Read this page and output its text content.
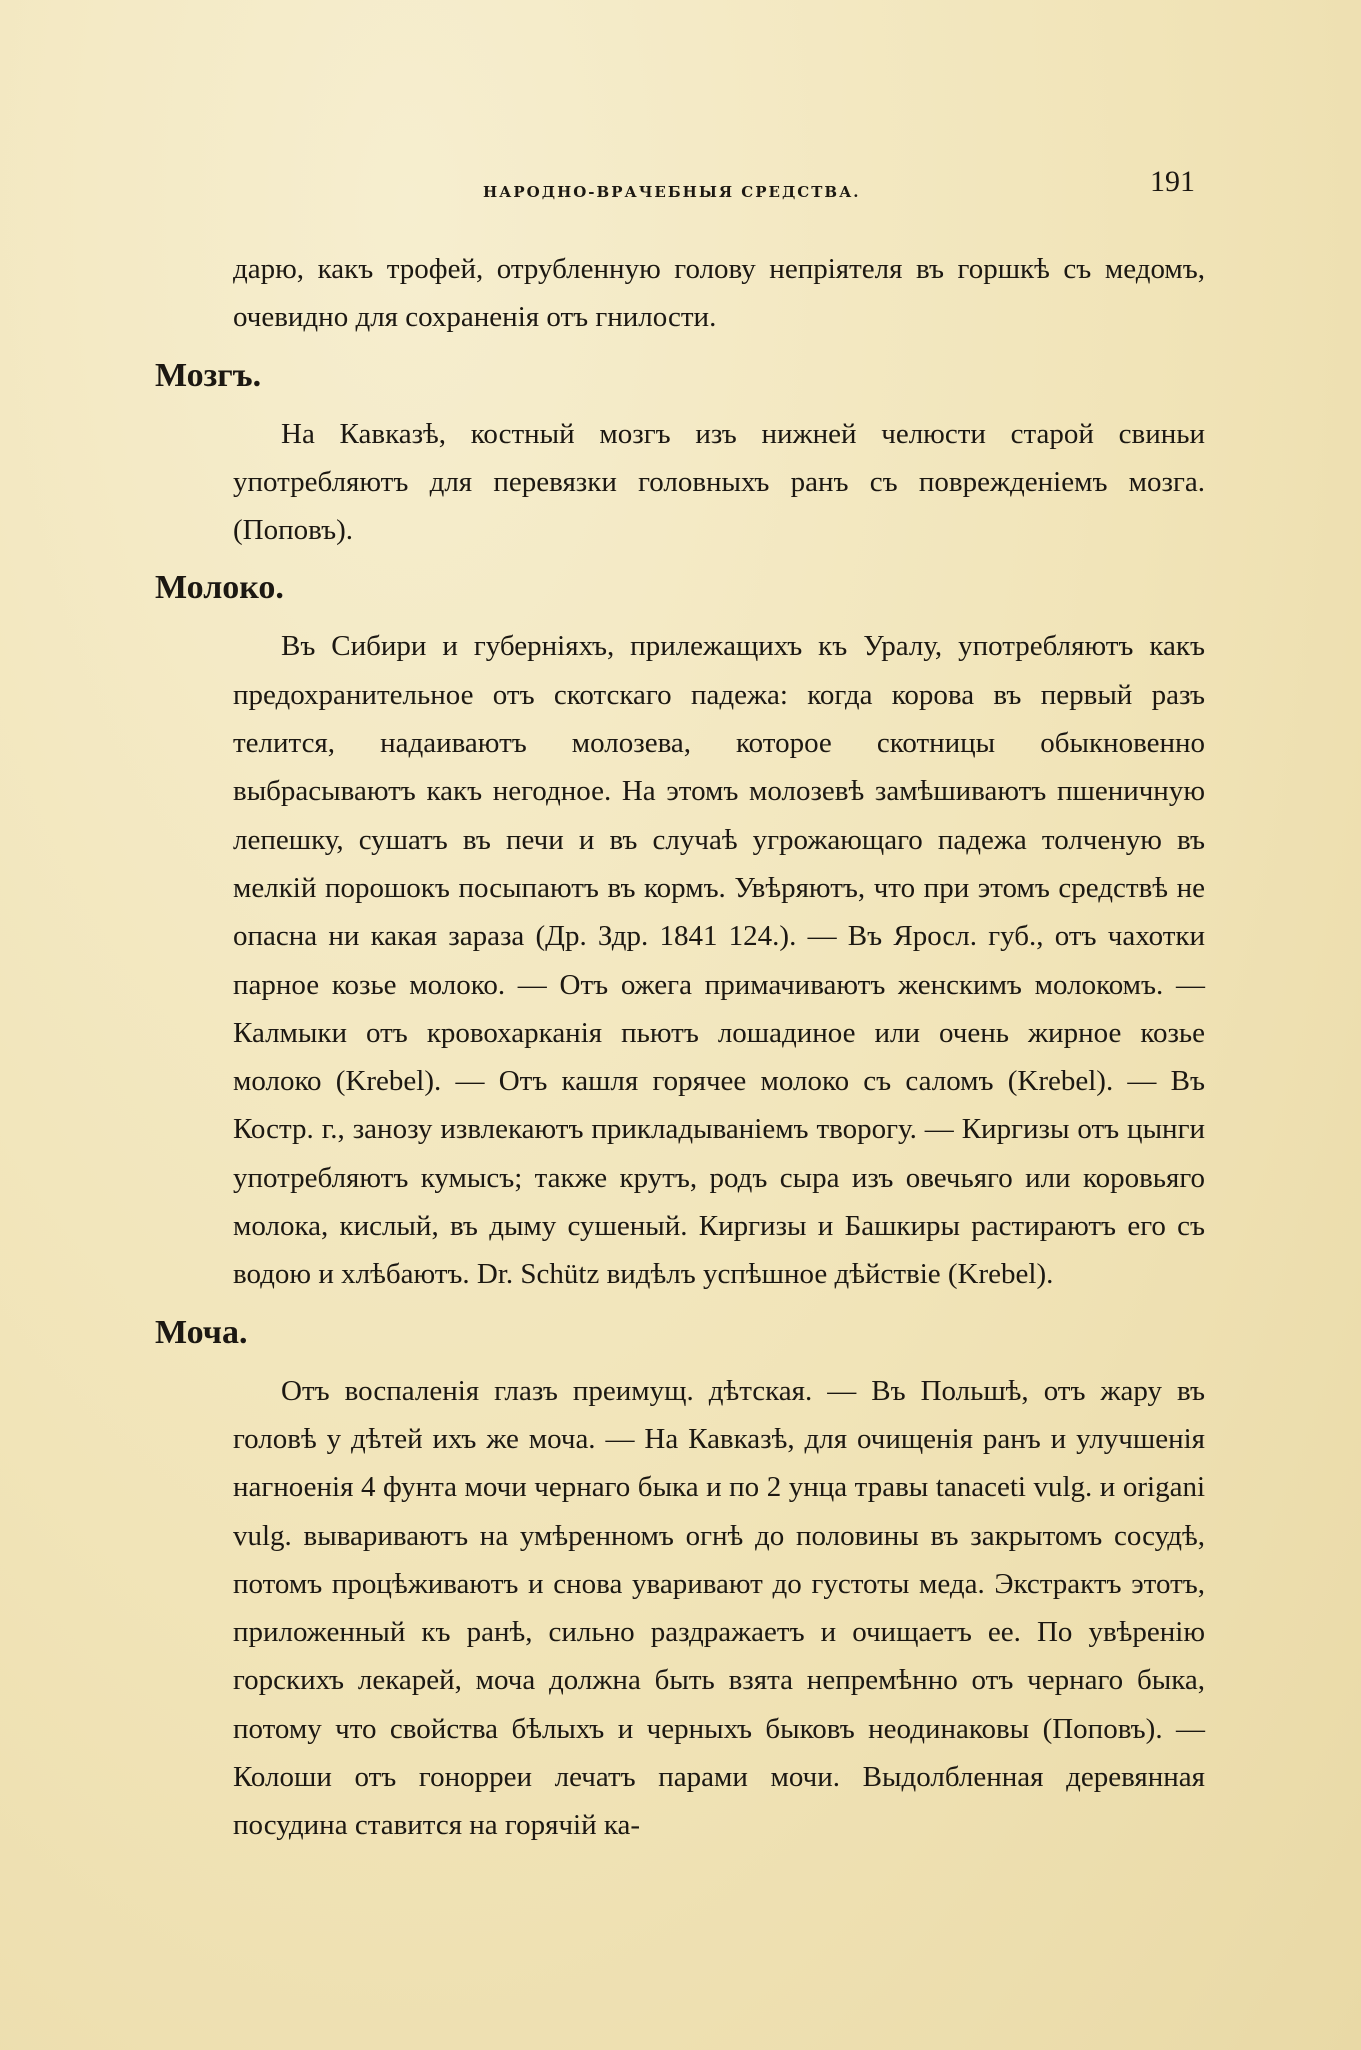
НАРОДНО-ВРАЧЕБНЫЯ СРЕДСТВА.	191

дарю, какъ трофей, отрубленную голову непріятеля въ горшкѣ съ медомъ, очевидно для сохраненія отъ гнилости.

Мозгъ.

На Кавказѣ, костный мозгъ изъ нижней челюсти старой свиньи употребляютъ для перевязки головныхъ ранъ съ поврежденіемъ мозга. (Поповъ).

Молоко.

Въ Сибири и губерніяхъ, прилежащихъ къ Уралу, употребляютъ какъ предохранительное отъ скотскаго падежа: когда корова въ первый разъ телится, надаиваютъ молозева, которое скотницы обыкновенно выбрасываютъ какъ негодное. На этомъ молозевѣ замѣшиваютъ пшеничную лепешку, сушатъ въ печи и въ случаѣ угрожающаго падежа толченую въ мелкій порошокъ посыпаютъ въ кормъ. Увѣряютъ, что при этомъ средствѣ не опасна ни какая зараза (Др. Здр. 1841 124.). — Въ Яросл. губ., отъ чахотки парное козье молоко. — Отъ ожега примачиваютъ женскимъ молокомъ. — Калмыки отъ кровохарканія пьютъ лошадиное или очень жирное козье молоко (Krebel). — Отъ кашля горячее молоко съ саломъ (Krebel). — Въ Костр. г., занозу извлекаютъ прикладываніемъ творогу. — Киргизы отъ цынги употребляютъ кумысъ; также крутъ, родъ сыра изъ овечьяго или коровьяго молока, кислый, въ дыму сушеный. Киргизы и Башкиры растираютъ его съ водою и хлѣбаютъ. Dr. Schütz видѣлъ успѣшное дѣйствіе (Krebel).

Моча.

Отъ воспаленія глазъ преимущ. дѣтская. — Въ Польшѣ, отъ жару въ головѣ у дѣтей ихъ же моча. — На Кавказѣ, для очищенія ранъ и улучшенія нагноенія 4 фунта мочи чернаго быка и по 2 унца травы tanaceti vulg. и origani vulg. вывариваютъ на умѣренномъ огнѣ до половины въ закрытомъ сосудѣ, потомъ процѣживаютъ и снова уваривают до густоты меда. Экстрактъ этотъ, приложенный къ ранѣ, сильно раздражаетъ и очищаетъ ее. По увѣренію горскихъ лекарей, моча должна быть взята непремѣнно отъ чернаго быка, потому что свойства бѣлыхъ и черныхъ быковъ неодинаковы (Поповъ). — Колоши отъ гонорреи лечатъ парами мочи. Выдолбленная деревянная посудина ставится на горячій ка-
